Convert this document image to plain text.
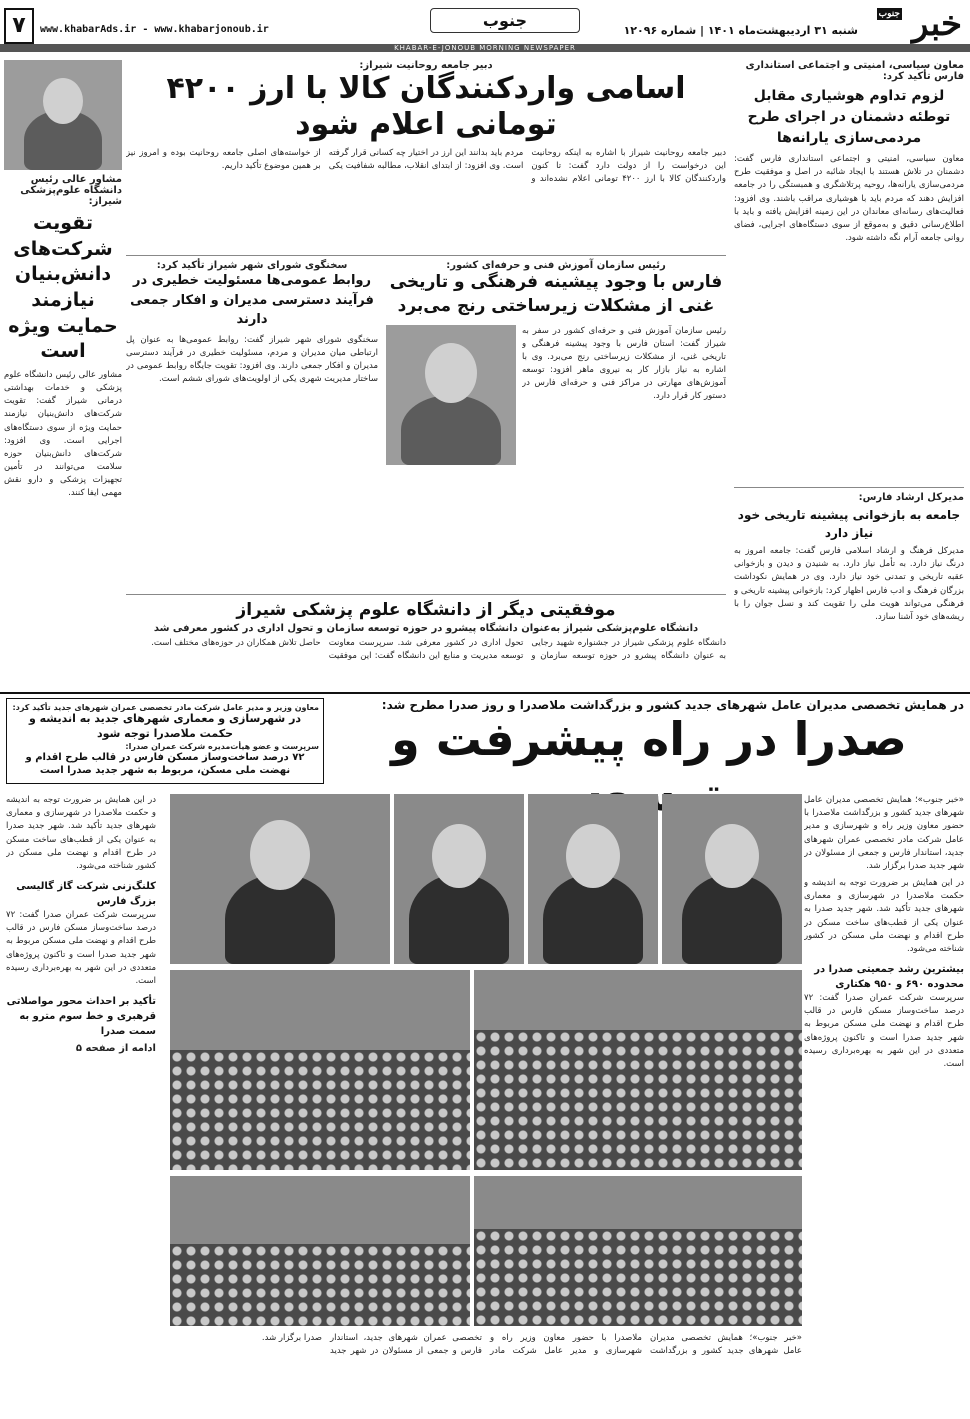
خبر
جنوب
شنبه ۳۱ اردیبهشت‌ماه ۱۴۰۱ | شماره ۱۲۰۹۶
جنوب
www.khabarAds.ir - www.khabarjonoub.ir
۷
KHABAR-E-JONOUB MORNING NEWSPAPER
معاون سیاسی، امنیتی و اجتماعی استانداری فارس تأکید کرد:
لزوم تداوم هوشیاری مقابل توطئه دشمنان در اجرای طرح مردمی‌سازی یارانه‌ها
معاون سیاسی، امنیتی و اجتماعی استانداری فارس گفت: دشمنان در تلاش هستند با ایجاد شائبه در اصل و موفقیت طرح مردمی‌سازی یارانه‌ها، روحیه پرتلاشگری و همبستگی را در جامعه افزایش دهند که مردم باید با هوشیاری مراقب باشند. وی افزود: فعالیت‌های رسانه‌ای معاندان در این زمینه افزایش یافته و باید با اطلاع‌رسانی دقیق و به‌موقع از سوی دستگاه‌های اجرایی، فضای روانی جامعه آرام نگه داشته شود.
مدیرکل ارشاد فارس:
جامعه به بازخوانی پیشینه تاریخی خود نیاز دارد
مدیرکل فرهنگ و ارشاد اسلامی فارس گفت: جامعه امروز به درنگ نیاز دارد. به تأمل نیاز دارد. به شنیدن و دیدن و بازخوانی عقبه تاریخی و تمدنی خود نیاز دارد. وی در همایش نکوداشت بزرگان فرهنگ و ادب فارس اظهار کرد: بازخوانی پیشینه تاریخی و فرهنگی می‌تواند هویت ملی را تقویت کند و نسل جوان را با ریشه‌های خود آشنا سازد.
مشاور عالی رئیس دانشگاه علوم‌پزشکی شیراز:
تقویت شرکت‌های دانش‌بنیان نیازمند حمایت ویژه است
مشاور عالی رئیس دانشگاه علوم پزشکی و خدمات بهداشتی درمانی شیراز گفت: تقویت شرکت‌های دانش‌بنیان نیازمند حمایت ویژه از سوی دستگاه‌های اجرایی است. وی افزود: شرکت‌های دانش‌بنیان حوزه سلامت می‌توانند در تأمین تجهیزات پزشکی و دارو نقش مهمی ایفا کنند.
دبیر جامعه روحانیت شیراز:
اسامی واردکنندگان کالا با ارز ۴۲۰۰ تومانی اعلام شود
دبیر جامعه روحانیت شیراز با اشاره به اینکه روحانیت این درخواست را از دولت دارد گفت: تا کنون واردکنندگان کالا با ارز ۴۲۰۰ تومانی اعلام نشده‌اند و مردم باید بدانند این ارز در اختیار چه کسانی قرار گرفته است. وی افزود: از ابتدای انقلاب، مطالبه شفافیت یکی از خواسته‌های اصلی جامعه روحانیت بوده و امروز نیز بر همین موضوع تأکید داریم.
رئیس سازمان آموزش فنی و حرفه‌ای کشور:
فارس با وجود پیشینه فرهنگی و تاریخی غنی از مشکلات زیرساختی رنج می‌برد
رئیس سازمان آموزش فنی و حرفه‌ای کشور در سفر به شیراز گفت: استان فارس با وجود پیشینه فرهنگی و تاریخی غنی، از مشکلات زیرساختی رنج می‌برد. وی با اشاره به نیاز بازار کار به نیروی ماهر افزود: توسعه آموزش‌های مهارتی در مراکز فنی و حرفه‌ای فارس در دستور کار قرار دارد.
سخنگوی شورای شهر شیراز تأکید کرد:
روابط عمومی‌ها مسئولیت خطیری در فرآیند دسترسی مدیران و افکار جمعی دارند
سخنگوی شورای شهر شیراز گفت: روابط عمومی‌ها به عنوان پل ارتباطی میان مدیران و مردم، مسئولیت خطیری در فرآیند دسترسی مدیران و افکار جمعی دارند. وی افزود: تقویت جایگاه روابط عمومی در ساختار مدیریت شهری یکی از اولویت‌های شورای ششم است.
موفقیتی دیگر از دانشگاه علوم پزشکی شیراز
دانشگاه علوم‌پزشکی شیراز به‌عنوان دانشگاه پیشرو در حوزه توسعه سازمان و تحول اداری در کشور معرفی شد
دانشگاه علوم پزشکی شیراز در جشنواره شهید رجایی به عنوان دانشگاه پیشرو در حوزه توسعه سازمان و تحول اداری در کشور معرفی شد. سرپرست معاونت توسعه مدیریت و منابع این دانشگاه گفت: این موفقیت حاصل تلاش همکاران در حوزه‌های مختلف است.
در همایش تخصصی مدیران عامل شهرهای جدید کشور و بزرگداشت ملاصدرا و روز صدرا مطرح شد:
صدرا در راه پیشرفت و
معاون وزیر و مدیر عامل شرکت مادر تخصصی عمران شهرهای جدید تأکید کرد:
در شهرسازی و معماری شهرهای جدید به اندیشه و حکمت ملاصدرا توجه شود
سرپرست و عضو هیأت‌مدیره شرکت عمران صدرا:
۷۲ درصد ساخت‌وساز مسکن فارس در قالب طرح اقدام و نهضت ملی مسکن، مربوط به شهر جدید صدرا است
«خبر جنوب»؛ همایش تخصصی مدیران عامل شهرهای جدید کشور و بزرگداشت ملاصدرا با حضور معاون وزیر راه و شهرسازی و مدیر عامل شرکت مادر تخصصی عمران شهرهای جدید، استاندار فارس و جمعی از مسئولان در شهر جدید صدرا برگزار شد.
در این همایش بر ضرورت توجه به اندیشه و حکمت ملاصدرا در شهرسازی و معماری شهرهای جدید تأکید شد. شهر جدید صدرا به عنوان یکی از قطب‌های ساخت مسکن در طرح اقدام و نهضت ملی مسکن در کشور شناخته می‌شود.
بیشترین رشد جمعیتی صدرا در محدوده ۶۹۰ و ۹۵۰ هکتاری
سرپرست شرکت عمران صدرا گفت: ۷۲ درصد ساخت‌وساز مسکن فارس در قالب طرح اقدام و نهضت ملی مسکن مربوط به شهر جدید صدرا است و تاکنون پروژه‌های متعددی در این شهر به بهره‌برداری رسیده است.
در این همایش بر ضرورت توجه به اندیشه و حکمت ملاصدرا در شهرسازی و معماری شهرهای جدید تأکید شد. شهر جدید صدرا به عنوان یکی از قطب‌های ساخت مسکن در طرح اقدام و نهضت ملی مسکن در کشور شناخته می‌شود.
کلنگ‌زنی شرکت گاز گالیسی بزرگ فارس
سرپرست شرکت عمران صدرا گفت: ۷۲ درصد ساخت‌وساز مسکن فارس در قالب طرح اقدام و نهضت ملی مسکن مربوط به شهر جدید صدرا است و تاکنون پروژه‌های متعددی در این شهر به بهره‌برداری رسیده است.
تأکید بر احداث محور مواصلاتی قرهبری و خط سوم مترو به سمت صدرا
ادامه از صفحه ۵
«خبر جنوب»؛ همایش تخصصی مدیران عامل شهرهای جدید کشور و بزرگداشت ملاصدرا با حضور معاون وزیر راه و شهرسازی و مدیر عامل شرکت مادر تخصصی عمران شهرهای جدید، استاندار فارس و جمعی از مسئولان در شهر جدید صدرا برگزار شد.
